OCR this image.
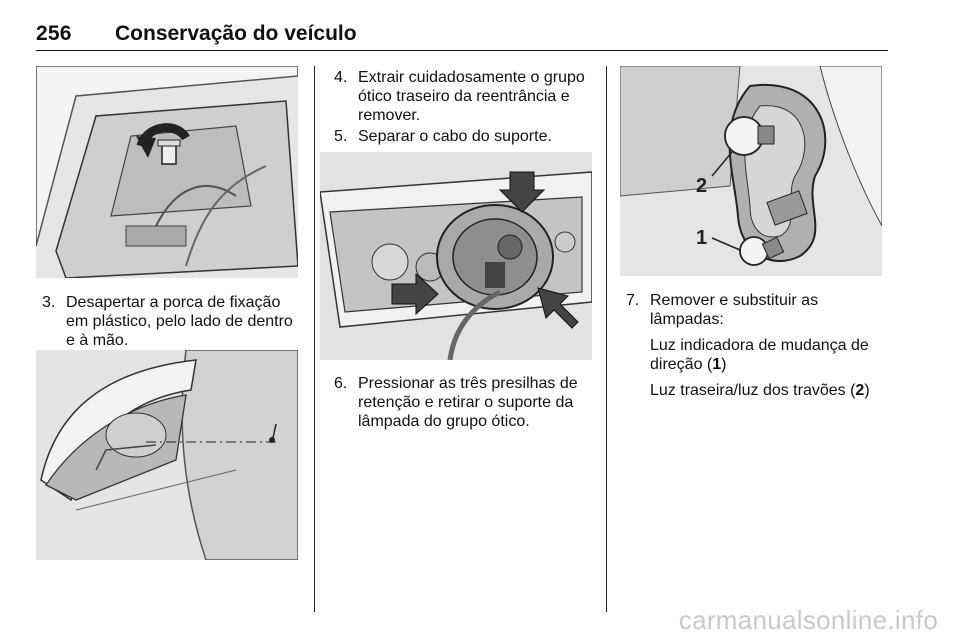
256 Conservação do veículo
3. Desapertar a porca de fixação em plástico, pelo lado de dentro e à mão.
4. Extrair cuidadosamente o grupo ótico traseiro da reentrância e remover.
5. Separar o cabo do suporte.
6. Pressionar as três presilhas de retenção e retirar o suporte da lâmpada do grupo ótico.
2
1
7. Remover e substituir as lâmpadas:
Luz indicadora de mudança de direção (1)
Luz traseira/luz dos travões (2)
carmanualsonline.info
